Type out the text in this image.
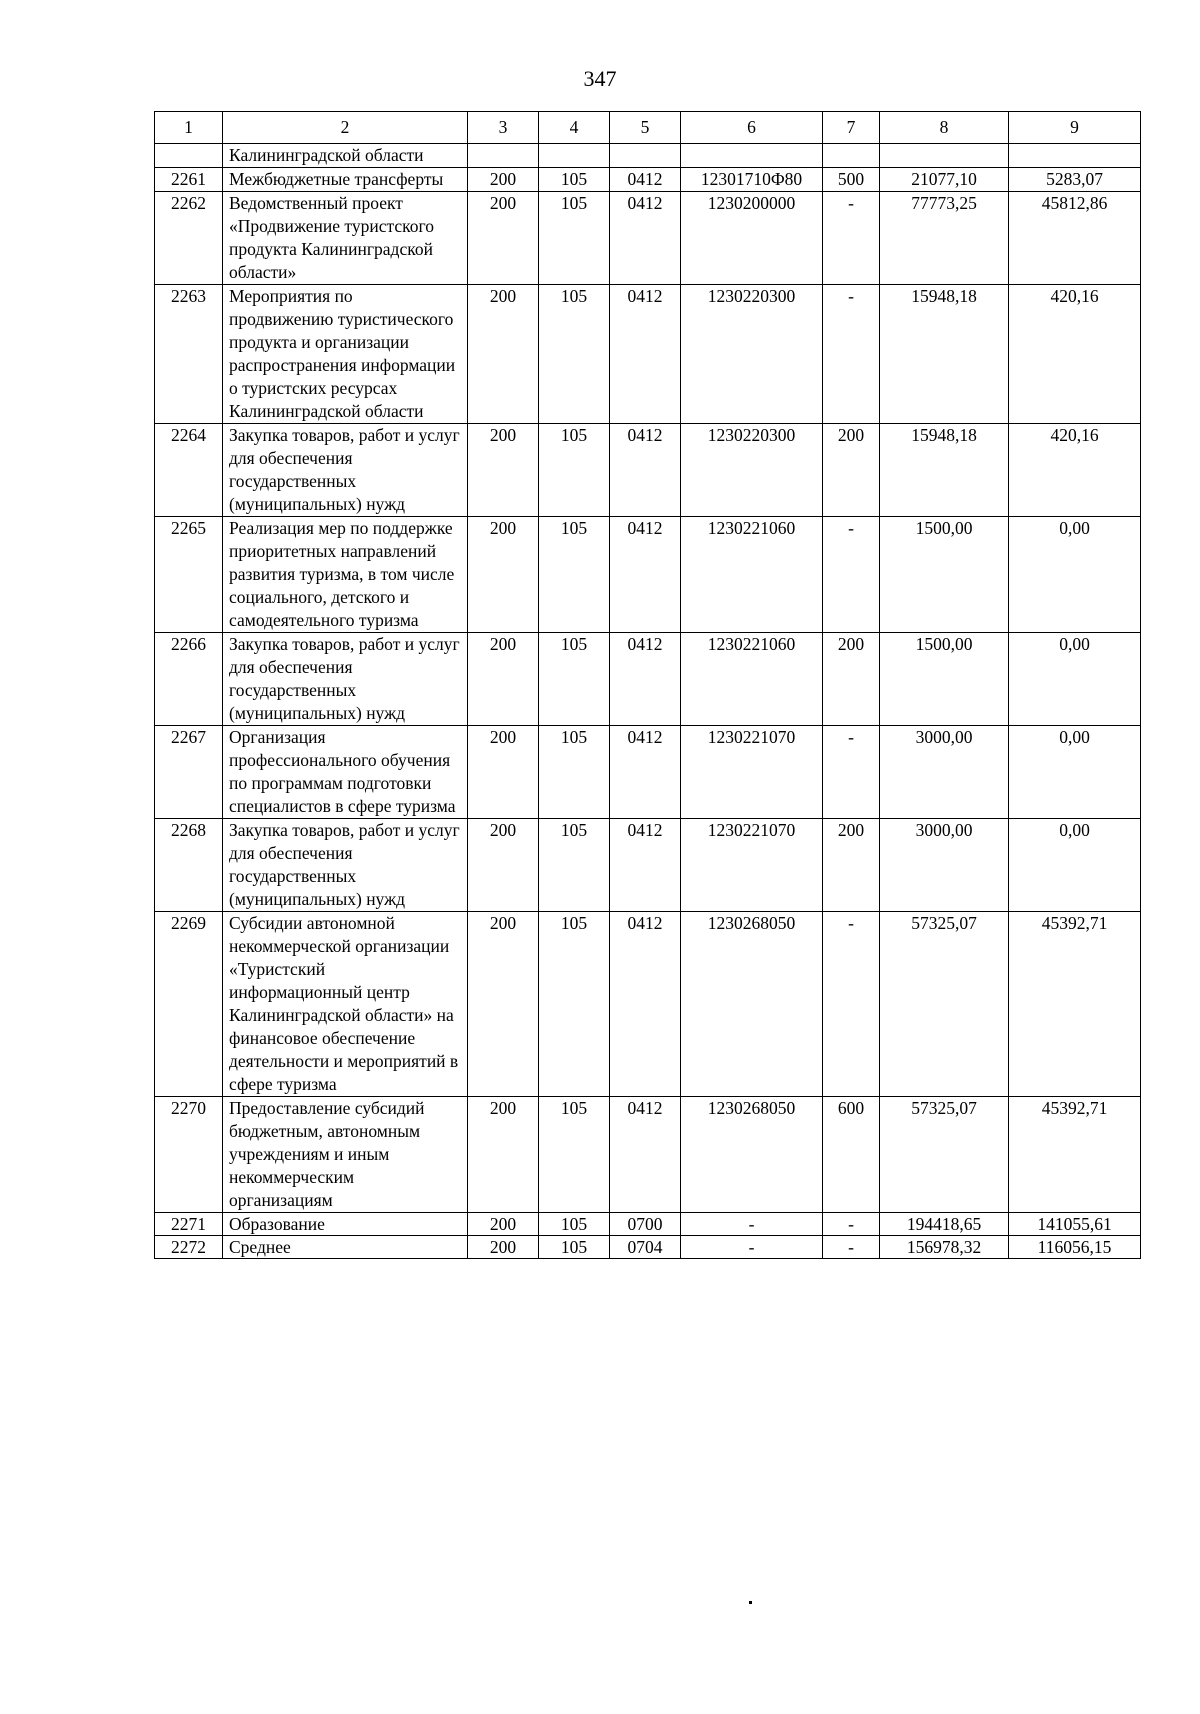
347
1	2	3	4	5	6	7	8	9
	Калининградской области							
2261	Межбюджетные трансферты	200	105	0412	12301710Ф80	500	21077,10	5283,07
2262	Ведомственный проект «Продвижение туристского продукта Калининградской области»	200	105	0412	1230200000	-	77773,25	45812,86
2263	Мероприятия по продвижению туристического продукта и организации распространения информации о туристских ресурсах Калининградской области	200	105	0412	1230220300	-	15948,18	420,16
2264	Закупка товаров, работ и услуг для обеспечения государственных (муниципальных) нужд	200	105	0412	1230220300	200	15948,18	420,16
2265	Реализация мер по поддержке приоритетных направлений развития туризма, в том числе социального, детского и самодеятельного туризма	200	105	0412	1230221060	-	1500,00	0,00
2266	Закупка товаров, работ и услуг для обеспечения государственных (муниципальных) нужд	200	105	0412	1230221060	200	1500,00	0,00
2267	Организация профессионального обучения по программам подготовки специалистов в сфере туризма	200	105	0412	1230221070	-	3000,00	0,00
2268	Закупка товаров, работ и услуг для обеспечения государственных (муниципальных) нужд	200	105	0412	1230221070	200	3000,00	0,00
2269	Субсидии автономной некоммерческой организации «Туристский информационный центр Калининградской области» на финансовое обеспечение деятельности и мероприятий в сфере туризма	200	105	0412	1230268050	-	57325,07	45392,71
2270	Предоставление субсидий бюджетным, автономным учреждениям и иным некоммерческим организациям	200	105	0412	1230268050	600	57325,07	45392,71
2271	Образование	200	105	0700	-	-	194418,65	141055,61
2272	Среднее	200	105	0704	-	-	156978,32	116056,15
